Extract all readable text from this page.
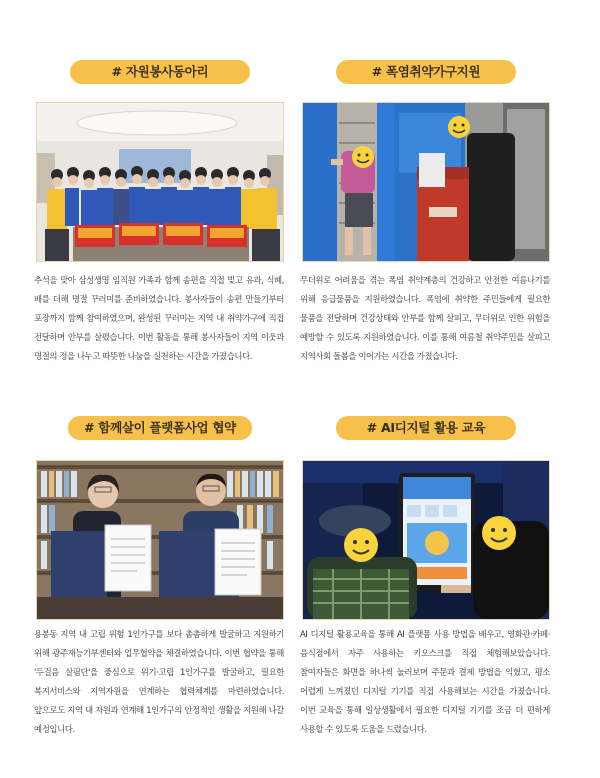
# 자원봉사동아리
추석을 맞아 삼성생명 임직원 가족과 함께 송편을 직접 빚고 유과, 식혜, 배를 더해 명절 꾸러미를 준비하였습니다. 봉사자들이 송편 만들기부터 포장까지 함께 참여하였으며, 완성된 꾸러미는 지역 내 취약가구에 직접 전달하며 안부를 살폈습니다. 이번 활동을 통해 봉사자들이 지역 이웃과 명절의 정을 나누고 따뜻한 나눔을 실천하는 시간을 가졌습니다.
# 폭염취약가구지원
무더위로 어려움을 겪는 폭염 취약계층의 건강하고 안전한 여름나기를 위해 응급물품을 지원하였습니다. 폭염에 취약한 주민들에게 필요한 물품을 전달하며 건강상태와 안부를 함께 살피고, 무더위로 인한 위험을 예방할 수 있도록 지원하였습니다. 이를 통해 여름철 취약주민을 살피고 지역사회 돌봄을 이어가는 시간을 가졌습니다.
# 함께살이 플랫폼사업 협약
용봉동 지역 내 고립 위험 1인가구를 보다 촘촘하게 발굴하고 지원하기 위해 광주재능기부센터와 업무협약을 체결하였습니다. 이번 협약을 통해 '두걸음 살핌단'을 중심으로 위기·고립 1인가구를 발굴하고, 필요한 복지서비스와 지역자원을 연계하는 협력체계를 마련하였습니다. 앞으로도 지역 내 자원과 연계해 1인가구의 안정적인 생활을 지원해 나갈 예정입니다.
# AI디지털 활용 교육
AI 디지털 활용교육을 통해 AI 플랫폼 사용 방법을 배우고, 영화관·카페·음식점에서 자주 사용하는 키오스크를 직접 체험해보았습니다. 참여자들은 화면을 하나씩 눌러보며 주문과 결제 방법을 익혔고, 평소 어렵게 느껴졌던 디지털 기기를 직접 사용해보는 시간을 가졌습니다. 이번 교육을 통해 일상생활에서 필요한 디지털 기기를 조금 더 편하게 사용할 수 있도록 도움을 드렸습니다.
